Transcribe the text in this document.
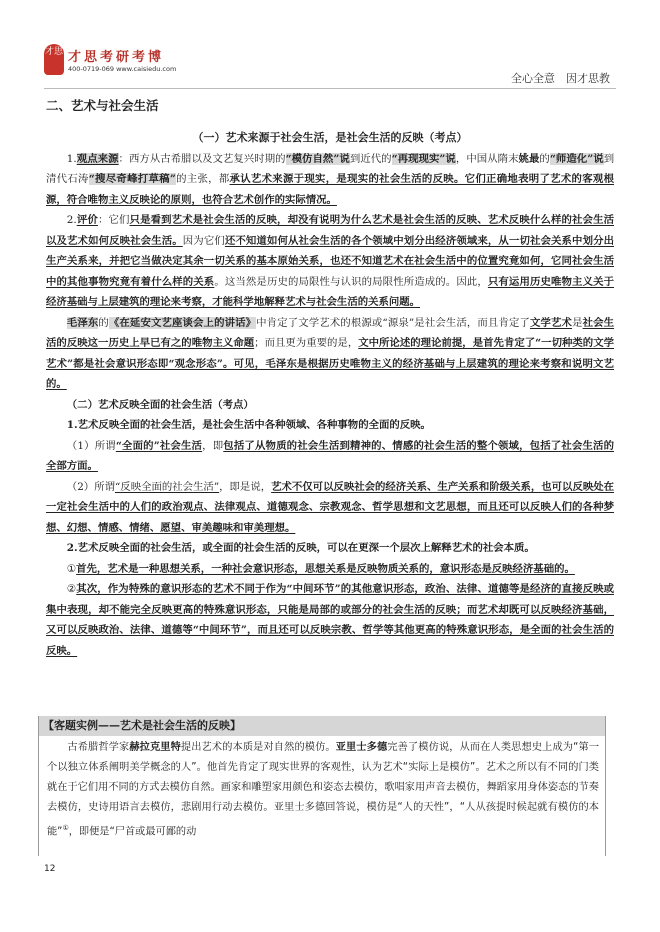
才思 才思考研考博
400-0719-069 www.caisiedu.com
全心全意　因才思教
二、艺术与社会生活

（一）艺术来源于社会生活，是社会生活的反映（考点）

1.观点来源：西方从古希腊以及文艺复兴时期的“模仿自然”说到近代的“再现现实”说，中国从隋末姚最的“师造化”说到清代石涛“搜尽奇峰打草稿”的主张，都承认艺术来源于现实，是现实的社会生活的反映。它们正确地表明了艺术的客观根源，符合唯物主义反映论的原则，也符合艺术创作的实际情况。

2.评价：它们只是看到艺术是社会生活的反映，却没有说明为什么艺术是社会生活的反映、艺术反映什么样的社会生活以及艺术如何反映社会生活。因为它们还不知道如何从社会生活的各个领域中划分出经济领域来，从一切社会关系中划分出生产关系来，并把它当做决定其余一切关系的基本原始关系，也还不知道艺术在社会生活中的位置究竟如何，它同社会生活中的其他事物究竟有着什么样的关系。这当然是历史的局限性与认识的局限性所造成的。因此，只有运用历史唯物主义关于经济基础与上层建筑的理论来考察，才能科学地解释艺术与社会生活的关系问题。

毛泽东的《在延安文艺座谈会上的讲话》中肯定了文学艺术的根源或“源泉”是社会生活，而且肯定了文学艺术是社会生活的反映这一历史上早已有之的唯物主义命题；而且更为重要的是，文中所论述的理论前提，是首先肯定了“一切种类的文学艺术”都是社会意识形态即“观念形态”。可见，毛泽东是根据历史唯物主义的经济基础与上层建筑的理论来考察和说明文艺的。

（二）艺术反映全面的社会生活（考点）

1.艺术反映全面的社会生活，是社会生活中各种领域、各种事物的全面的反映。

（1）所谓“全面的”社会生活，即包括了从物质的社会生活到精神的、情感的社会生活的整个领域，包括了社会生活的全部方面。

（2）所谓“反映全面的社会生活”，即是说，艺术不仅可以反映社会的经济关系、生产关系和阶级关系，也可以反映处在一定社会生活中的人们的政治观点、法律观点、道德观念、宗教观念、哲学思想和文艺思想，而且还可以反映人们的各种梦想、幻想、情感、情绪、愿望、审美趣味和审美理想。

2.艺术反映全面的社会生活，或全面的社会生活的反映，可以在更深一个层次上解释艺术的社会本质。

①首先，艺术是一种思想关系，一种社会意识形态，思想关系是反映物质关系的，意识形态是反映经济基础的。

②其次，作为特殊的意识形态的艺术不同于作为“中间环节”的其他意识形态，政治、法律、道德等是经济的直接反映或集中表现，却不能完全反映更高的特殊意识形态，只能是局部的或部分的社会生活的反映；而艺术却既可以反映经济基础，又可以反映政治、法律、道德等“中间环节”，而且还可以反映宗教、哲学等其他更高的特殊意识形态，是全面的社会生活的反映。

【客题实例——艺术是社会生活的反映】

古希腊哲学家赫拉克里特提出艺术的本质是对自然的模仿。亚里士多德完善了模仿说，从而在人类思想史上成为“第一个以独立体系阐明美学概念的人”。他首先肯定了现实世界的客观性，认为艺术“实际上是模仿”。艺术之所以有不同的门类就在于它们用不同的方式去模仿自然。画家和雕塑家用颜色和姿态去模仿，歌唱家用声音去模仿，舞蹈家用身体姿态的节奏去模仿，史诗用语言去模仿，悲剧用行动去模仿。亚里士多德回答说，模仿是“人的天性”，“人从孩提时候起就有模仿的本能”①，即便是“尸首或最可鄙的动

12
